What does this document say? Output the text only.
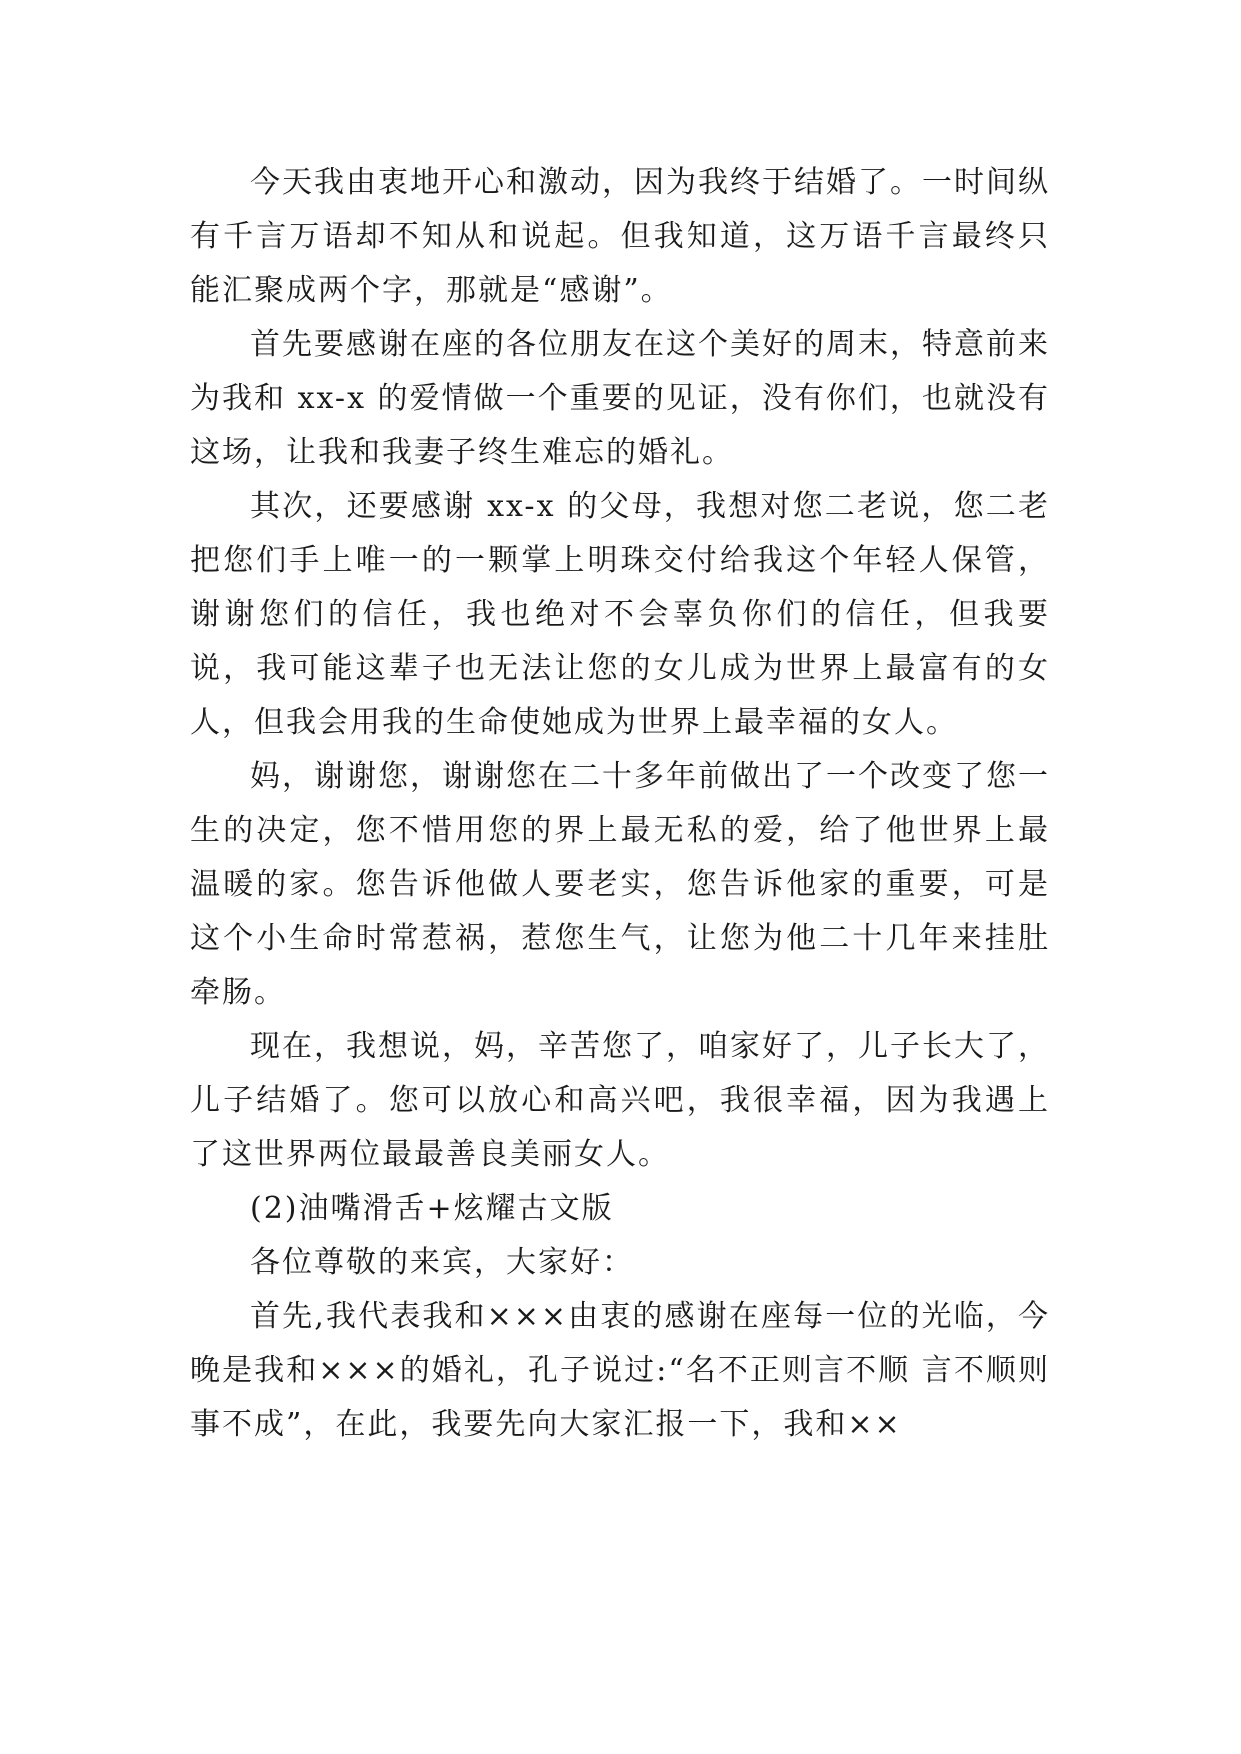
今天我由衷地开心和激动，因为我终于结婚了。一时间纵有千言万语却不知从和说起。但我知道，这万语千言最终只能汇聚成两个字，那就是“感谢”。

首先要感谢在座的各位朋友在这个美好的周末，特意前来为我和 xx-x 的爱情做一个重要的见证，没有你们，也就没有这场，让我和我妻子终生难忘的婚礼。

其次，还要感谢 xx-x 的父母，我想对您二老说，您二老把您们手上唯一的一颗掌上明珠交付给我这个年轻人保管，谢谢您们的信任，我也绝对不会辜负你们的信任，但我要说，我可能这辈子也无法让您的女儿成为世界上最富有的女人，但我会用我的生命使她成为世界上最幸福的女人。

妈，谢谢您，谢谢您在二十多年前做出了一个改变了您一生的决定，您不惜用您的界上最无私的爱，给了他世界上最温暖的家。您告诉他做人要老实，您告诉他家的重要，可是这个小生命时常惹祸，惹您生气，让您为他二十几年来挂肚牵肠。

现在，我想说，妈，辛苦您了，咱家好了，儿子长大了，儿子结婚了。您可以放心和高兴吧，我很幸福，因为我遇上了这世界两位最最善良美丽女人。

(2)油嘴滑舌+炫耀古文版

各位尊敬的来宾，大家好：

首先,我代表我和×××由衷的感谢在座每一位的光临，今晚是我和×××的婚礼，孔子说过:“名不正则言不顺 言不顺则事不成”，在此，我要先向大家汇报一下，我和××
